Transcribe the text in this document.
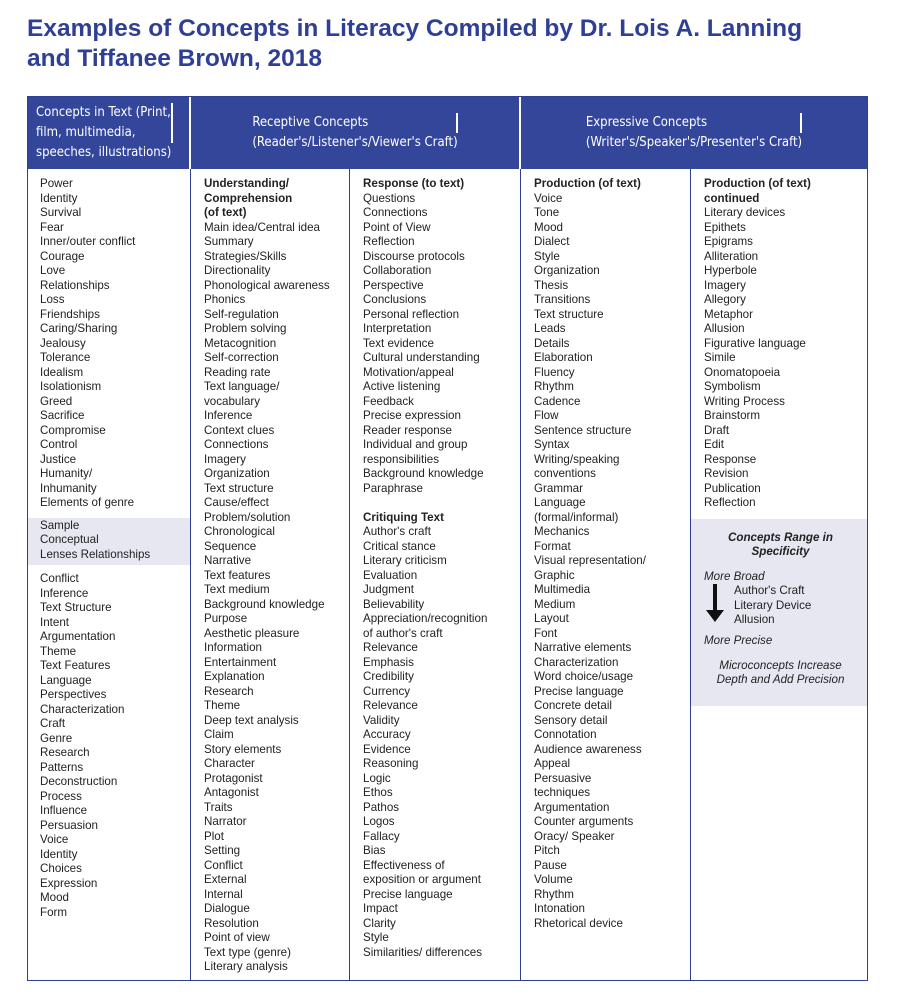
Examples of Concepts in Literacy Compiled by Dr. Lois A. Lanning
and Tiffanee Brown, 2018
Concepts in Text (Print,
film, multimedia,
speeches, illustrations)
Receptive Concepts
(Reader's/Listener's/Viewer's Craft)
Expressive Concepts
(Writer's/Speaker's/Presenter's Craft)
Power
Identity
Survival
Fear
Inner/outer conflict
Courage
Love
Relationships
Loss
Friendships
Caring/Sharing
Jealousy
Tolerance
Idealism
Isolationism
Greed
Sacrifice
Compromise
Control
Justice
Humanity/
Inhumanity
Elements of genre
Sample
Conceptual
Lenses Relationships
Conflict
Inference
Text Structure
Intent
Argumentation
Theme
Text Features
Language
Perspectives
Characterization
Craft
Genre
Research
Patterns
Deconstruction
Process
Influence
Persuasion
Voice
Identity
Choices
Expression
Mood
Form
Understanding/
Comprehension
(of text)
Main idea/Central idea
Summary
Strategies/Skills
Directionality
Phonological awareness
Phonics
Self-regulation
Problem solving
Metacognition
Self-correction
Reading rate
Text language/
vocabulary
Inference
Context clues
Connections
Imagery
Organization
Text structure
Cause/effect
Problem/solution
Chronological
Sequence
Narrative
Text features
Text medium
Background knowledge
Purpose
Aesthetic pleasure
Information
Entertainment
Explanation
Research
Theme
Deep text analysis
Claim
Story elements
Character
Protagonist
Antagonist
Traits
Narrator
Plot
Setting
Conflict
External
Internal
Dialogue
Resolution
Point of view
Text type (genre)
Literary analysis
Response (to text)
Questions
Connections
Point of View
Reflection
Discourse protocols
Collaboration
Perspective
Conclusions
Personal reflection
Interpretation
Text evidence
Cultural understanding
Motivation/appeal
Active listening
Feedback
Precise expression
Reader response
Individual and group
responsibilities
Background knowledge
Paraphrase
Critiquing Text
Author's craft
Critical stance
Literary criticism
Evaluation
Judgment
Believability
Appreciation/recognition
of author's craft
Relevance
Emphasis
Credibility
Currency
Relevance
Validity
Accuracy
Evidence
Reasoning
Logic
Ethos
Pathos
Logos
Fallacy
Bias
Effectiveness of
exposition or argument
Precise language
Impact
Clarity
Style
Similarities/ differences
Production (of text)
Voice
Tone
Mood
Dialect
Style
Organization
Thesis
Transitions
Text structure
Leads
Details
Elaboration
Fluency
Rhythm
Cadence
Flow
Sentence structure
Syntax
Writing/speaking
conventions
Grammar
Language
(formal/informal)
Mechanics
Format
Visual representation/
Graphic
Multimedia
Medium
Layout
Font
Narrative elements
Characterization
Word choice/usage
Precise language
Concrete detail
Sensory detail
Connotation
Audience awareness
Appeal
Persuasive
techniques
Argumentation
Counter arguments
Oracy/ Speaker
Pitch
Pause
Volume
Rhythm
Intonation
Rhetorical device
Production (of text)
continued
Literary devices
Epithets
Epigrams
Alliteration
Hyperbole
Imagery
Allegory
Metaphor
Allusion
Figurative language
Simile
Onomatopoeia
Symbolism
Writing Process
Brainstorm
Draft
Edit
Response
Revision
Publication
Reflection
Concepts Range in
Specificity
More Broad
Author's Craft
Literary Device
Allusion
More Precise
Microconcepts Increase
Depth and Add Precision
